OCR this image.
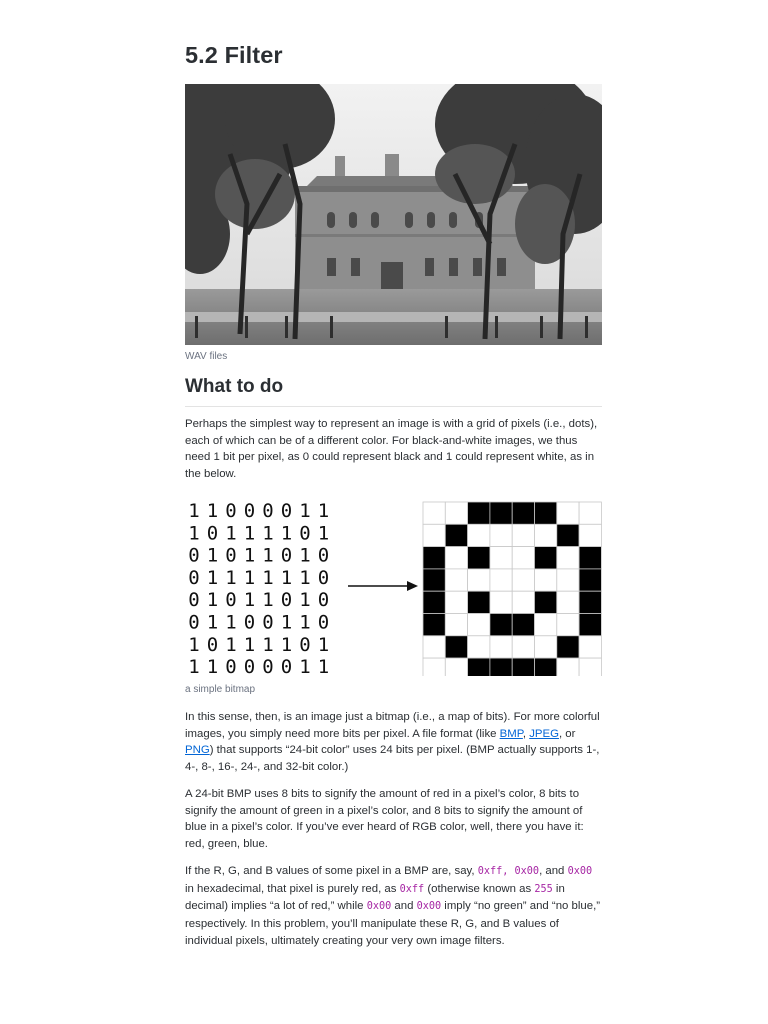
5.2 Filter
WAV files
What to do

Perhaps the simplest way to represent an image is with a grid of pixels (i.e., dots), each of which can be of a different color. For black-and-white images, we thus need 1 bit per pixel, as 0 could represent black and 1 could represent white, as in the below.

1 1 0 0 0 0 1 1
1 0 1 1 1 1 0 1
0 1 0 1 1 0 1 0
0 1 1 1 1 1 1 0
0 1 0 1 1 0 1 0
0 1 1 0 0 1 1 0
1 0 1 1 1 1 0 1
1 1 0 0 0 0 1 1
a simple bitmap

In this sense, then, is an image just a bitmap (i.e., a map of bits). For more colorful images, you simply need more bits per pixel. A file format (like BMP, JPEG, or PNG) that supports “24-bit color” uses 24 bits per pixel. (BMP actually supports 1-, 4-, 8-, 16-, 24-, and 32-bit color.)

A 24-bit BMP uses 8 bits to signify the amount of red in a pixel’s color, 8 bits to signify the amount of green in a pixel’s color, and 8 bits to signify the amount of blue in a pixel’s color. If you’ve ever heard of RGB color, well, there you have it: red, green, blue.

If the R, G, and B values of some pixel in a BMP are, say, 0xff, 0x00, and 0x00 in hexadecimal, that pixel is purely red, as 0xff (otherwise known as 255 in decimal) implies “a lot of red,” while 0x00 and 0x00 imply “no green” and “no blue,” respectively. In this problem, you’ll manipulate these R, G, and B values of individual pixels, ultimately creating your very own image filters.
